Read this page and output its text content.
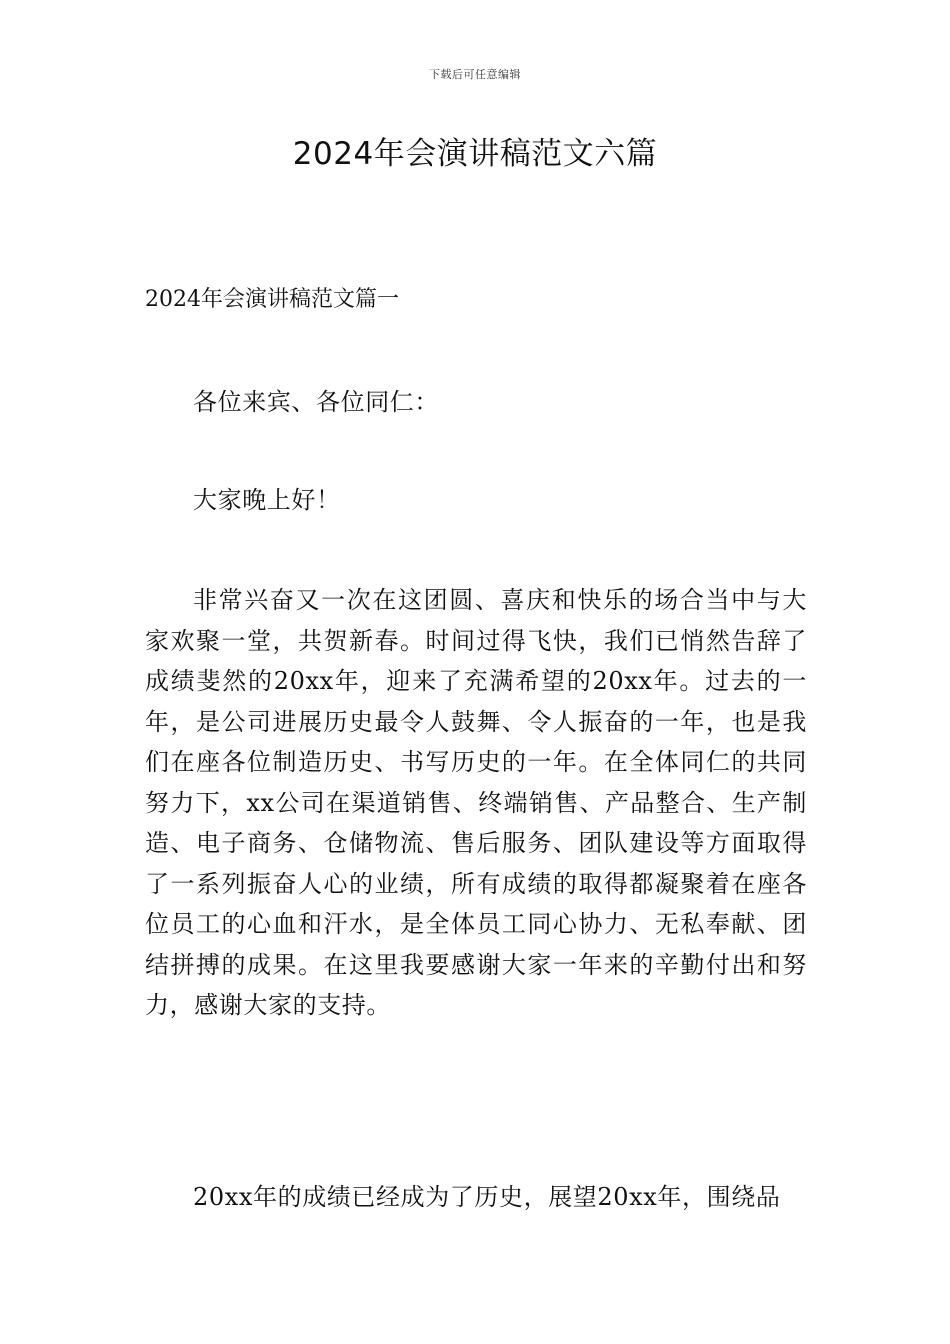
下载后可任意编辑
2024年会演讲稿范文六篇
2024年会演讲稿范文篇一

各位来宾、各位同仁：

大家晚上好！

非常兴奋又一次在这团圆、喜庆和快乐的场合当中与大家欢聚一堂，共贺新春。时间过得飞快，我们已悄然告辞了成绩斐然的20xx年，迎来了充满希望的20xx年。过去的一年，是公司进展历史最令人鼓舞、令人振奋的一年，也是我们在座各位制造历史、书写历史的一年。在全体同仁的共同努力下，xx公司在渠道销售、终端销售、产品整合、生产制造、电子商务、仓储物流、售后服务、团队建设等方面取得了一系列振奋人心的业绩，所有成绩的取得都凝聚着在座各位员工的心血和汗水，是全体员工同心协力、无私奉献、团结拼搏的成果。在这里我要感谢大家一年来的辛勤付出和努力，感谢大家的支持。

20xx年的成绩已经成为了历史，展望20xx年，围绕品
